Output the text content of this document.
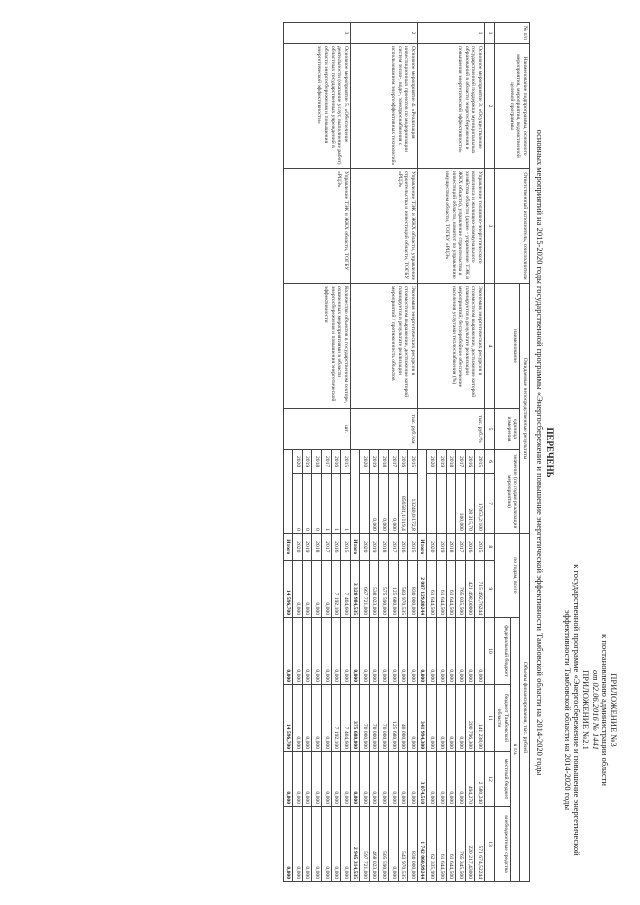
ПРИЛОЖЕНИЕ №3
к постановлению администрации области
от 02.06.2016 № 1441
ПРИЛОЖЕНИЕ №2.1
к государственной программе «Энергосбережение и повышение энергетической
эффективности Тамбовской области на 2014-2020 годы
ПЕРЕЧЕНЬ
основных мероприятий на 2015-2020 годы государственной программы «Энергосбережение и повышение энергетической эффективности Тамбовской области на 2014-2020 годы
№ п/п	Наименование подпрограммы, основного мероприятия, мероприятия, ведомственной целевой программы	Ответственный исполнитель, соисполнители	Ожидаемые непосредственные результаты				Объемы финансирования, тыс. рублей					
			наименование	единица измерения	значение (по годам реализации мероприятия)		по годам, всего		в т.ч.			
									федеральный бюджет	бюджет Тамбовской области	местный бюджет	внебюджетные средства
1	2	3	4	5	6	7	8	9	10	11	12	13
1	Основное мероприятие 3. «Осуществление государственной поддержки муниципальных образований в области энергосбережения и повышения энергетической эффективности»	Управление топливно-энергетического комплекса и жилищно-коммунального хозяйства области (далее - управление ТЭК и ЖКХ области), управление строительства и инвестиций области, комитет по управлению имуществом области, ТОГБУ «РЦЭ»	Экономия энергетических ресурсов в стоимостном выражении, достижение которой планируется в результате реализации мероприятий; бесперебойное обеспечение населения услугами теплоснабжения (%)	тыс. руб./%	2015	17053,2/100	2015	715 492,76244	0,000	141 238,00	2 580,240	571 674,52244
					2016	28 315,70	2016	421 498,00000	0,000	200 796,300	494,270	220 217,43000
					2017	100,000	2017	765 035,500	0,000	0,000	0,000	765 345,500
					2018		2018	61 644,500	0,000	0,000	0,000	61 644,500
					2019		2019	61 644,500	0,000	0,000	0,000	61 644,500
					2020		2020	61 644,500	0,000	0,000	0,000	62 335,990
							Итого	2 087 129,80244	0,000	341 994,300	3 074,510	1 742 060,99244
2	Основное мероприятие 4. «Реализация инвестиционных проектов по модернизации систем тепло-, водо-, электроснабжения с использованием энергоэффективных технологий»	Управление ТЭК и ЖКХ области, управление строительства и инвестиций области, ТОГБУ «РЦЭ»	Экономия энергетических ресурсов в стоимостном выражении, достижение которой планируется в результате реализации мероприятий / протяженность объектов	тыс. руб./км	2015	13240,0/172,8	2015	830 000,000	0,000	0,000	0,000	830 000,000
					2016	856581,1/119,4	2016	583 970,535	0,000	40 000,000	0,000	543 970,535
					2017	0,000	2017	125 680,000	0,000	125 680,000	0,000	0,000
					2018	0,000	2018	575 590,000	0,000	70 000,000	0,000	505 590,000
					2019	0,000	2019	538 023,000	0,000	70 000,000	0,000	468 023,000
					2020		2020	667 721,000	0,000	70 000,000	0,000	597 721,000
							Итого	3 320 984,535	0,000	375 680,000	0,000	2 945 314,535
3	Основное мероприятие 5. «Обеспечение деятельности (оказание услуг, выполнение работ) областных государственных учреждений в области энергосбережения и повышения энергетической эффективности»	Управление ТЭК и ЖКХ области, ТОГБУ «РЦЭ»	Количество объектов в государственном секторе, охваченных мероприятиями в области энергосбережения и повышения энергетической эффективности	шт.	2015	1	2015	7 404,600	0,000	7 404,600	0,000	0,000
					2016	1	2016	7 192,100	0,000	7 192,100	0,000	0,000
					2017	1	2017	0,000	0,000	0,000	0,000	0,000
					2018	0	2018	0,000	0,000	0,000	0,000	0,000
					2019	0	2019	0,000	0,000	0,000	0,000	0,000
					2020	0	2020	0,000	0,000	0,000	0,000	0,000
							Итого	14 596,700	0,000	14 596,700	0,000	0,000
